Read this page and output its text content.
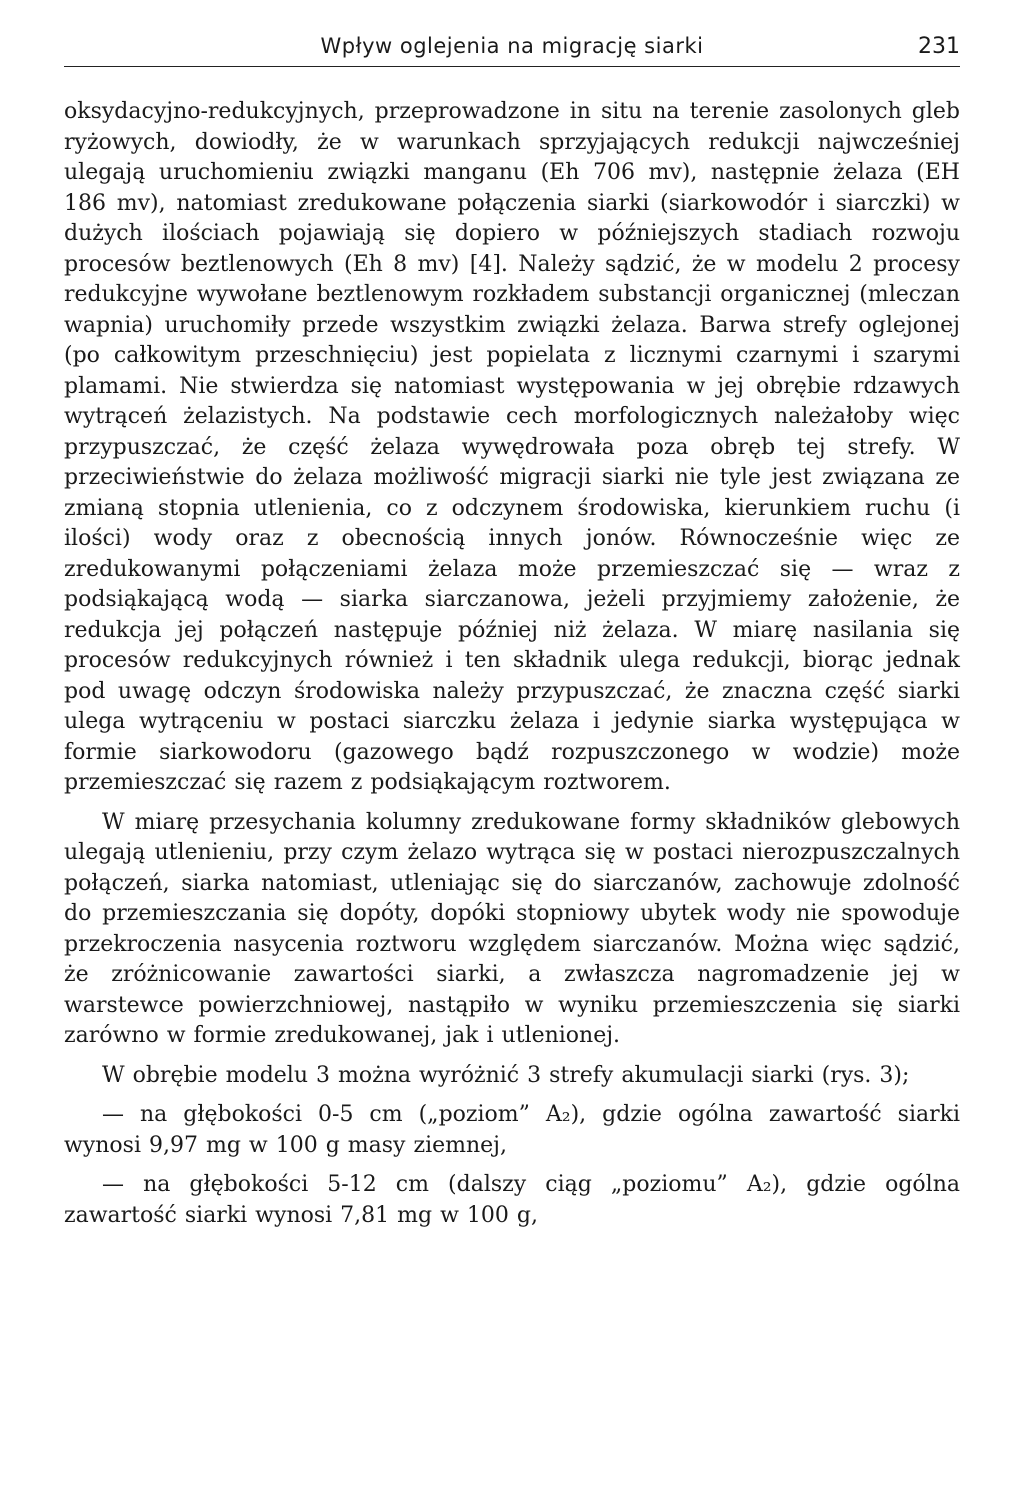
Wpływ oglejenia na migrację siarki	231

oksydacyjno-redukcyjnych, przeprowadzone in situ na terenie zasolonych gleb ryżowych, dowiodły, że w warunkach sprzyjających redukcji najwcześniej ulegają uruchomieniu związki manganu (Eh 706 mv), następnie żelaza (EH 186 mv), natomiast zredukowane połączenia siarki (siarkowodór i siarczki) w dużych ilościach pojawiają się dopiero w późniejszych stadiach rozwoju procesów beztlenowych (Eh 8 mv) [4]. Należy sądzić, że w modelu 2 procesy redukcyjne wywołane beztlenowym rozkładem substancji organicznej (mleczan wapnia) uruchomiły przede wszystkim związki żelaza. Barwa strefy oglejonej (po całkowitym przeschnięciu) jest popielata z licznymi czarnymi i szarymi plamami. Nie stwierdza się natomiast występowania w jej obrębie rdzawych wytrąceń żelazistych. Na podstawie cech morfologicznych należałoby więc przypuszczać, że część żelaza wywędrowała poza obręb tej strefy. W przeciwieństwie do żelaza możliwość migracji siarki nie tyle jest związana ze zmianą stopnia utlenienia, co z odczynem środowiska, kierunkiem ruchu (i ilości) wody oraz z obecnością innych jonów. Równocześnie więc ze zredukowanymi połączeniami żelaza może przemieszczać się — wraz z podsiąkającą wodą — siarka siarczanowa, jeżeli przyjmiemy założenie, że redukcja jej połączeń następuje później niż żelaza. W miarę nasilania się procesów redukcyjnych również i ten składnik ulega redukcji, biorąc jednak pod uwagę odczyn środowiska należy przypuszczać, że znaczna część siarki ulega wytrąceniu w postaci siarczku żelaza i jedynie siarka występująca w formie siarkowodoru (gazowego bądź rozpuszczonego w wodzie) może przemieszczać się razem z podsiąkającym roztworem.

W miarę przesychania kolumny zredukowane formy składników glebowych ulegają utlenieniu, przy czym żelazo wytrąca się w postaci nierozpuszczalnych połączeń, siarka natomiast, utleniając się do siarczanów, zachowuje zdolność do przemieszczania się dopóty, dopóki stopniowy ubytek wody nie spowoduje przekroczenia nasycenia roztworu względem siarczanów. Można więc sądzić, że zróżnicowanie zawartości siarki, a zwłaszcza nagromadzenie jej w warstewce powierzchniowej, nastąpiło w wyniku przemieszczenia się siarki zarówno w formie zredukowanej, jak i utlenionej.

W obrębie modelu 3 można wyróżnić 3 strefy akumulacji siarki (rys. 3);

— na głębokości 0-5 cm („poziom” A₂), gdzie ogólna zawartość siarki wynosi 9,97 mg w 100 g masy ziemnej,

— na głębokości 5-12 cm (dalszy ciąg „poziomu” A₂), gdzie ogólna zawartość siarki wynosi 7,81 mg w 100 g,
